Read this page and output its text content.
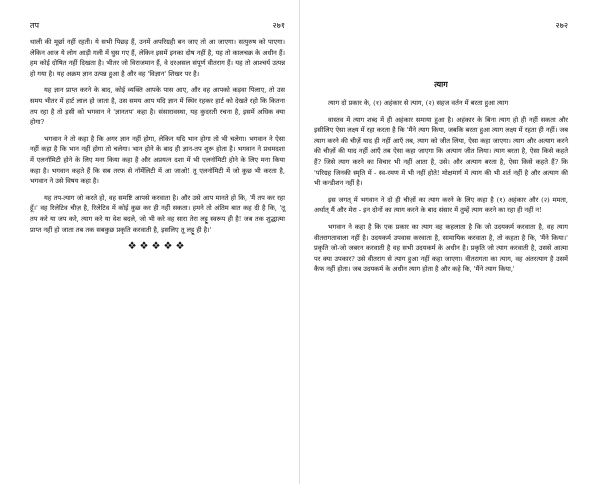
तप	२७१

थाली की मूर्छा नहीं रहती। ये सभी पिछड़ हैं, उनमें अपरिग्रही बन जाए तो आ जाएगा। सत्पुरुष को पाएगा। लेकिन आज ये लोग आड़ी गली में घुस गए हैं, लेकिन इसमें इनका दोष नहीं है, यह तो कालचक्र के अधीन हैं। हम कोई दोषित नहीं दिखता है। भीतर जो विराजमान हैं, वे दरअसल संपूर्ण वीतराग हैं। यह तो आश्चर्य उत्पन्न हो गया है। यह अक्रम ज्ञान उत्पन्न हुआ है और वह 'विज्ञान' शिखर पर है।

यह ज्ञान प्राप्त करने के बाद, कोई व्यक्ति आपके पास आए, और वह आपको कड़वा पिलाए, तो उस समय भीतर में हार्ट लाल हो जाता है, उस समय आप यदि ज्ञान में स्थिर रहकर हार्ट को देखते रहो कि कितना तप रहा है तो इसी को भगवान ने 'ज्ञानतप' कहा है। संसारावस्था, यह कुदरती रचना है, इसमें अधिक क्या होगा?

भगवान ने तो कहा है कि अगर ज्ञान नहीं होगा, लेकिन यदि भान होगा तो भी चलेगा। भगवान ने ऐसा नहीं कहा है कि भान नहीं होगा तो चलेगा। भान होने के बाद ही ज्ञान-तप शुरू होता है। भगवान ने प्रथमदशा में एलनॉमिटी होने के लिए मना किया कहा है और अप्रयत्न दशा में भी एलनॉमिटी होने के लिए मना किया कहा है। भगवान कहते हैं कि सब तरफ से नॉर्मेलिटी में आ जाओ! तू एलनॉमिटी में जो कुछ भी करता है, भगवान ने उसे विषय कहा है।

यह तप-त्याग जो करते हो, वह समष्टि आपसे करवाता है। और उसे आप मानते हो कि, 'मैं तप कर रहा हूँ।' वह रिलेटिव चीज़ है, रिलेटिव में कोई कुछ कर ही नहीं सकता। हमने तो अंतिम बात कह दी है कि, 'तू तप करे या जप करे, त्याग करे या वेश बदले, जो भी करे वह सारा तेरा लट्टू स्वरूप ही है! जब तक शुद्धात्मा प्राप्त नहीं हो जाता तब तक सबकुछ प्रकृति करवाती है, इसलिए तू लट्टू ही है।'

❖❖❖❖❖
२७२
त्याग

त्याग दो प्रकार के, (१) अहंकार से त्याग, (२) सहज वर्तन में बरता हुआ त्याग

वास्तव में त्याग शब्द में ही अहंकार समाया हुआ है। अहंकार के बिना त्याग हो ही नहीं सकता और इसीलिए ऐसा लक्ष्य में रहा करता है कि 'मैंने त्याग किया, जबकि बरता हुआ त्याग लक्ष्य में रहता ही नहीं। जब त्याग करने की चीज़ें याद ही नहीं आएँ तब, त्याग को जीत लिया, ऐसा कहा जाएगा। त्याग और अत्याग करने की चीज़ों की याद नहीं आएँ तब ऐसा कहा जाएगा कि अत्याग जीत लिया। त्याग बरता है, ऐसा किसे कहते हैं? जिसे त्याग करने का विचार भी नहीं आता है, उसे। और अत्याग बरता है, ऐसा किसे कहते हैं? कि 'परिग्रह जिनकी स्मृति में - स्व-रमण में भी नहीं होते! मोक्षमार्ग में त्याग की भी शर्त नहीं है और अत्याग की भी कन्डीशन नहीं है।

इस जगत् में भगवान ने दो ही चीज़ों का त्याग करने के लिए कहा है (१) अहंकार और (२) ममता, अर्थात् मैं और मेरा - इन दोनों का त्याग करने के बाद संसार में तुम्हें त्याग करने का रहा ही नहीं न!

भगवान ने कहा है कि एक प्रकार का त्याग वह कहलाता है कि जो उदयकर्म करवाता है, वह त्याग वीतरागतावाला नहीं है। उदयकर्म उपवास करवाता है, सामायिक करवाता है, तो कहता है कि, 'मैंने किया।' प्रकृति जो-जो जबरन करवाती है वह सभी उदयकर्म के अधीन है। प्रकृति जो त्याग करवाती है, उससे आत्मा पर क्या उपकार? उसे वीतराग से त्याग हुआ नहीं कहा जाएगा। वीतरागता का त्याग, वह अंतरत्याग है उसमें कैफ नहीं होता। जब उदयकर्म के अधीन त्याग होता है और कहे कि, 'मैंने त्याग किया,'
